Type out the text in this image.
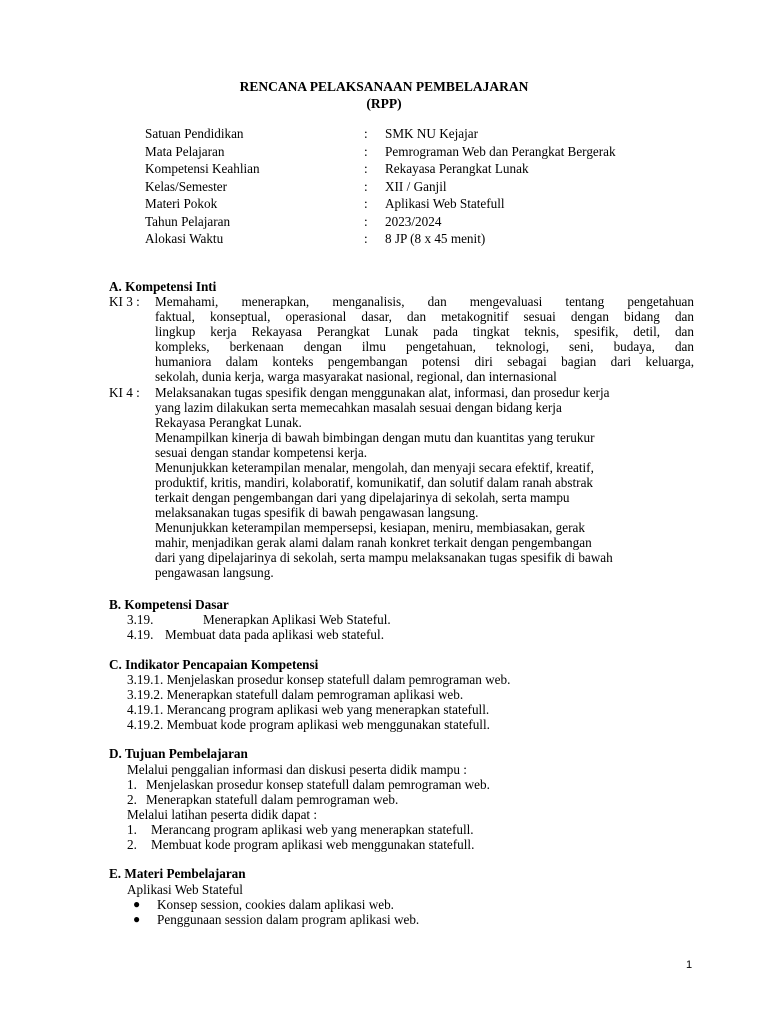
RENCANA PELAKSANAAN PEMBELAJARAN
(RPP)
Satuan Pendidikan	: SMK NU Kejajar
Mata Pelajaran	: Pemrograman Web dan Perangkat Bergerak
Kompetensi Keahlian	: Rekayasa Perangkat Lunak
Kelas/Semester	: XII / Ganjil
Materi Pokok	: Aplikasi Web Statefull
Tahun Pelajaran	: 2023/2024
Alokasi Waktu	: 8 JP (8 x 45 menit)
A. Kompetensi Inti
KI 3 : Memahami, menerapkan, menganalisis, dan mengevaluasi tentang pengetahuan

faktual, konseptual, operasional dasar, dan metakognitif sesuai dengan bidang dan

lingkup kerja Rekayasa Perangkat Lunak pada tingkat teknis, spesifik, detil, dan

kompleks, berkenaan dengan ilmu pengetahuan, teknologi, seni, budaya, dan

humaniora dalam konteks pengembangan potensi diri sebagai bagian dari keluarga,

sekolah, dunia kerja, warga masyarakat nasional, regional, dan internasional

KI 4 : Melaksanakan tugas spesifik dengan menggunakan alat, informasi, dan prosedur kerja

yang lazim dilakukan serta memecahkan masalah sesuai dengan bidang kerja

Rekayasa Perangkat Lunak.

Menampilkan kinerja di bawah bimbingan dengan mutu dan kuantitas yang terukur

sesuai dengan standar kompetensi kerja.

Menunjukkan keterampilan menalar, mengolah, dan menyaji secara efektif, kreatif,

produktif, kritis, mandiri, kolaboratif, komunikatif, dan solutif dalam ranah abstrak

terkait dengan pengembangan dari yang dipelajarinya di sekolah, serta mampu

melaksanakan tugas spesifik di bawah pengawasan langsung.

Menunjukkan keterampilan mempersepsi, kesiapan, meniru, membiasakan, gerak

mahir, menjadikan gerak alami dalam ranah konkret terkait dengan pengembangan

dari yang dipelajarinya di sekolah, serta mampu melaksanakan tugas spesifik di bawah

pengawasan langsung.

B. Kompetensi Dasar
3.19.	Menerapkan Aplikasi Web Stateful.
4.19. Membuat data pada aplikasi web stateful.
C. Indikator Pencapaian Kompetensi
3.19.1. Menjelaskan prosedur konsep statefull dalam pemrograman web.
3.19.2. Menerapkan statefull dalam pemrograman aplikasi web.
4.19.1. Merancang program aplikasi web yang menerapkan statefull.
4.19.2. Membuat kode program aplikasi web menggunakan statefull.
D. Tujuan Pembelajaran
Melalui penggalian informasi dan diskusi peserta didik mampu :
1. Menjelaskan prosedur konsep statefull dalam pemrograman web.
2. Menerapkan statefull dalam pemrograman web.
Melalui latihan peserta didik dapat :
1. Merancang program aplikasi web yang menerapkan statefull.
2. Membuat kode program aplikasi web menggunakan statefull.
E. Materi Pembelajaran
Aplikasi Web Stateful
● Konsep session, cookies dalam aplikasi web.
● Penggunaan session dalam program aplikasi web.
1
